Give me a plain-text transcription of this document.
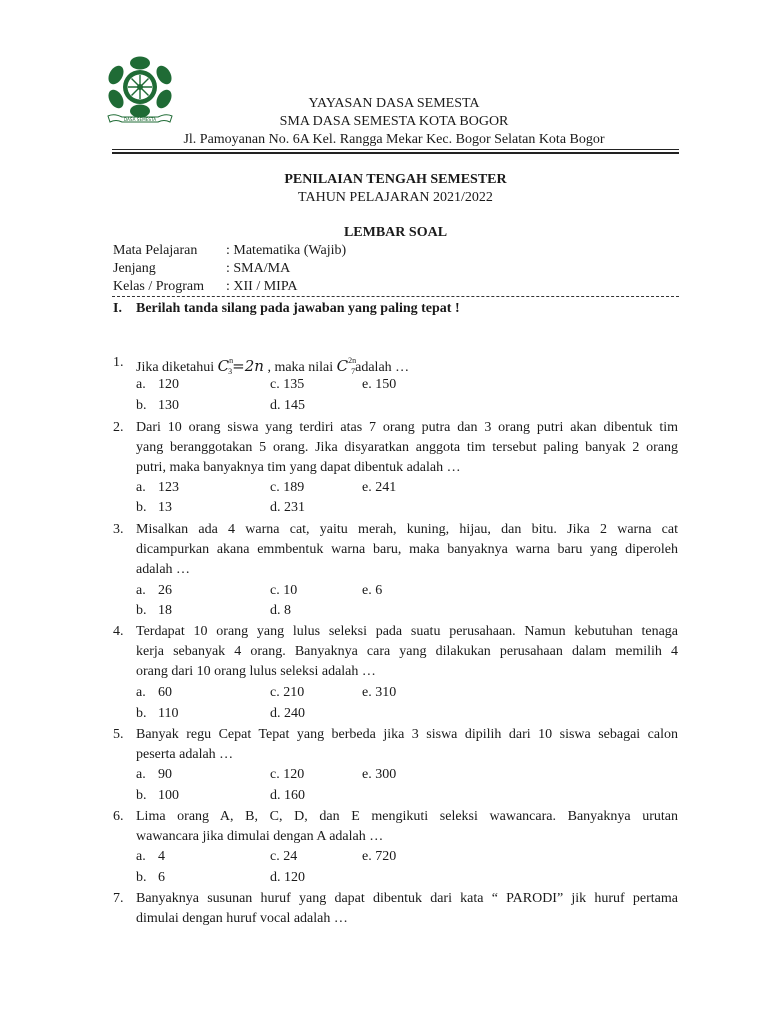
DASA SEMESTA
YAYASAN DASA SEMESTA
SMA DASA SEMESTA KOTA BOGOR
Jl. Pamoyanan No. 6A Kel. Rangga Mekar Kec. Bogor Selatan Kota Bogor
PENILAIAN TENGAH SEMESTER
TAHUN PELAJARAN 2021/2022
LEMBAR SOAL
Mata Pelajaran : Matematika (Wajib)
Jenjang	: SMA/MA
Kelas / Program : XII / MIPA
I. Berilah tanda silang pada jawaban yang paling tepat !
1. Jika diketahui $C^n_3=2n$ , maka nilai $C^{2n}_7adalah$ …
a. 120	c. 135	e. 150
b. 130	d. 145
2. Dari 10 orang siswa yang terdiri atas 7 orang putra dan 3 orang putri akan dibentuk tim
yang beranggotakan 5 orang. Jika disyaratkan anggota tim tersebut paling banyak 2 orang
putri, maka banyaknya tim yang dapat dibentuk adalah …
a. 123	c. 189	e. 241
b. 13	d. 231
3. Misalkan ada 4 warna cat, yaitu merah, kuning, hijau, dan bitu. Jika 2 warna cat
dicampurkan akana emmbentuk warna baru, maka banyaknya warna baru yang diperoleh
adalah …
a. 26	c. 10	e. 6
b. 18	d. 8
4. Terdapat 10 orang yang lulus seleksi pada suatu perusahaan. Namun kebutuhan tenaga
kerja sebanyak 4 orang. Banyaknya cara yang dilakukan perusahaan dalam memilih 4
orang dari 10 orang lulus seleksi adalah …
a. 60	c. 210	e. 310
b. 110	d. 240
5. Banyak regu Cepat Tepat yang berbeda jika 3 siswa dipilih dari 10 siswa sebagai calon
peserta adalah …
a. 90	c. 120	e. 300
b. 100	d. 160
6. Lima orang A, B, C, D, dan E mengikuti seleksi wawancara. Banyaknya urutan
wawancara jika dimulai dengan A adalah …
a. 4	c. 24	e. 720
b. 6	d. 120
7. Banyaknya susunan huruf yang dapat dibentuk dari kata “ PARODI” jik huruf pertama
dimulai dengan huruf vocal adalah …
